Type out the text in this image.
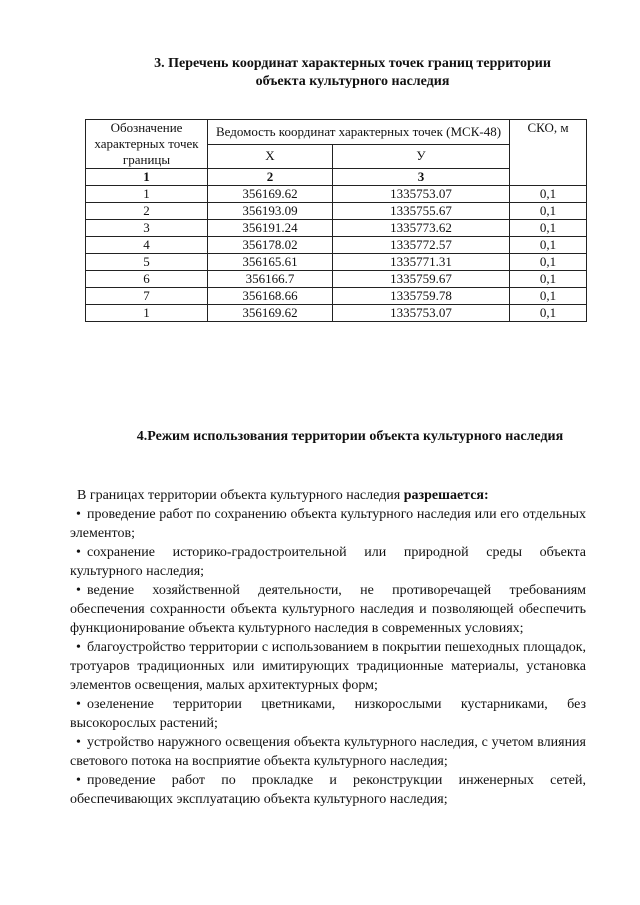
3. Перечень координат характерных точек границ территории
объекта культурного наследия
Обозначение характерных точек границы	Ведомость координат характерных точек (МСК-48)		СКО, м
	Х	У	
1	2	3	
1	356169.62	1335753.07	0,1
2	356193.09	1335755.67	0,1
3	356191.24	1335773.62	0,1
4	356178.02	1335772.57	0,1
5	356165.61	1335771.31	0,1
6	356166.7	1335759.67	0,1
7	356168.66	1335759.78	0,1
1	356169.62	1335753.07	0,1
4.Режим использования территории объекта культурного наследия

В границах территории объекта культурного наследия разрешается:

• проведение работ по сохранению объекта культурного наследия или его отдельных элементов;

• сохранение историко-градостроительной или природной среды объекта культурного наследия;

• ведение хозяйственной деятельности, не противоречащей требованиям обеспечения сохранности объекта культурного наследия и позволяющей обеспечить функционирование объекта культурного наследия в современных условиях;

• благоустройство территории с использованием в покрытии пешеходных площадок, тротуаров традиционных или имитирующих традиционные материалы, установка элементов освещения, малых архитектурных форм;

• озеленение территории цветниками, низкорослыми кустарниками, без высокорослых растений;

• устройство наружного освещения объекта культурного наследия, с учетом влияния светового потока на восприятие объекта культурного наследия;

• проведение работ по прокладке и реконструкции инженерных сетей, обеспечивающих эксплуатацию объекта культурного наследия;
